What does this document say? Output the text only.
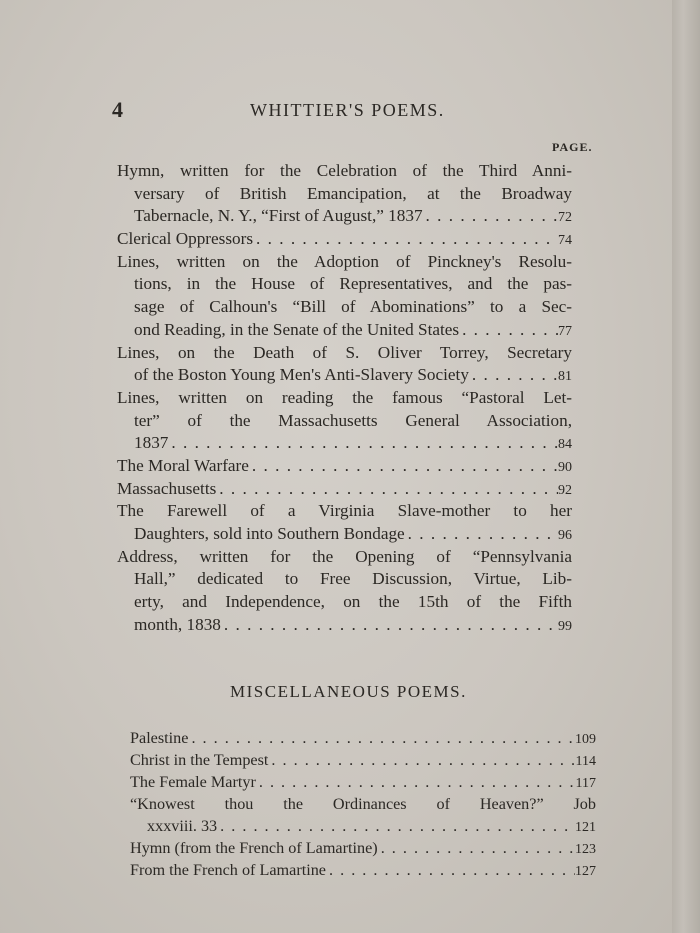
4	WHITTIER'S POEMS.
PAGE.
Hymn, written for the Celebration of the Third Anni-
versary of British Emancipation, at the Broadway
Tabernacle, N. Y., “First of August,” 1837 . . .	72
Clerical Oppressors . . .	74
Lines, written on the Adoption of Pinckney's Resolu-
tions, in the House of Representatives, and the pas-
sage of Calhoun's “Bill of Abominations” to a Sec-
ond Reading, in the Senate of the United States . . .	77
Lines, on the Death of S. Oliver Torrey, Secretary
of the Boston Young Men's Anti-Slavery Society . . .	81
Lines, written on reading the famous “Pastoral Let-
ter” of the Massachusetts General Association,
1837 . . .	84
The Moral Warfare . . .	90
Massachusetts . . .	92
The Farewell of a Virginia Slave-mother to her
Daughters, sold into Southern Bondage . . .	96
Address, written for the Opening of “Pennsylvania
Hall,” dedicated to Free Discussion, Virtue, Lib-
erty, and Independence, on the 15th of the Fifth
month, 1838 . . .	99
MISCELLANEOUS POEMS.
Palestine . . .	109
Christ in the Tempest . . .	114
The Female Martyr . . .	117
“Knowest thou the Ordinances of Heaven?” Job
xxxviii. 33 . . .	121
Hymn (from the French of Lamartine) . . .	123
From the French of Lamartine . . .	127
